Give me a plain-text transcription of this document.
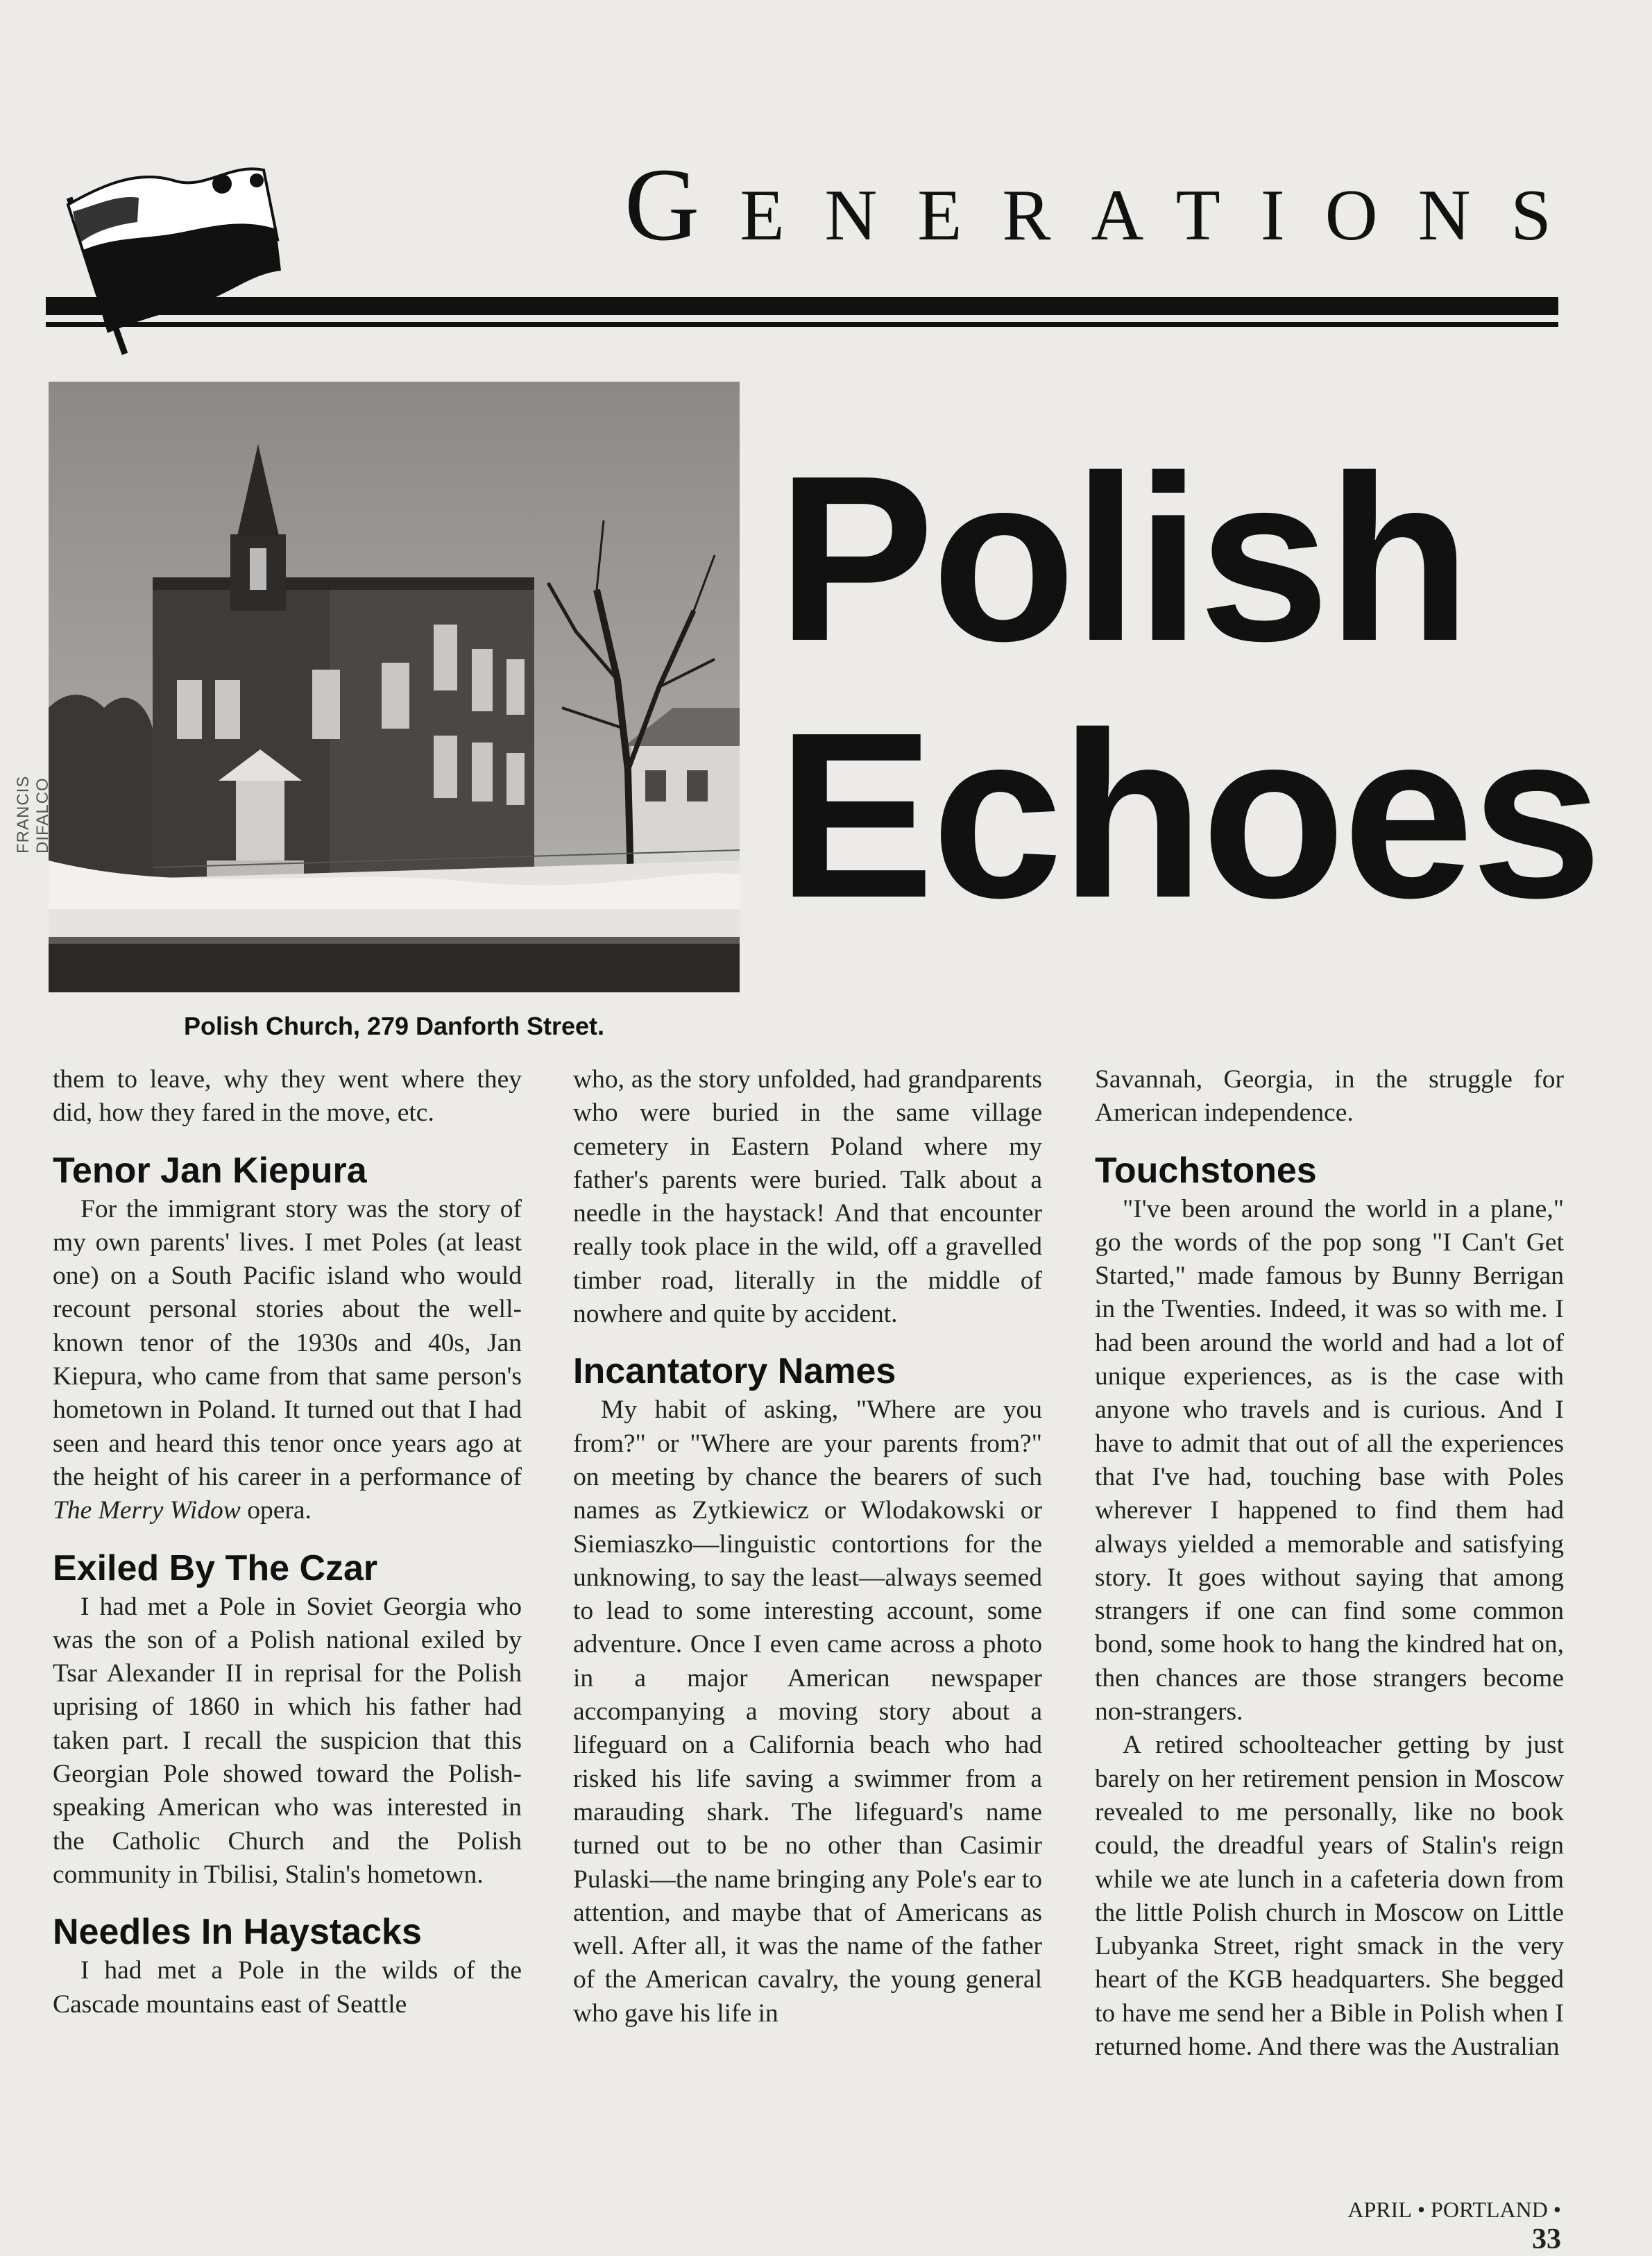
Generations
FRANCIS DIFALCO
Polish Church, 279 Danforth Street.
Polish
Echoes

them to leave, why they went where they did, how they fared in the move, etc.

Tenor Jan Kiepura

For the immigrant story was the story of my own parents' lives. I met Poles (at least one) on a South Pacific island who would recount personal stories about the well-known tenor of the 1930s and 40s, Jan Kiepura, who came from that same person's hometown in Poland. It turned out that I had seen and heard this tenor once years ago at the height of his career in a performance of The Merry Widow opera.

Exiled By The Czar

I had met a Pole in Soviet Georgia who was the son of a Polish national exiled by Tsar Alexander II in reprisal for the Polish uprising of 1860 in which his father had taken part. I recall the suspicion that this Georgian Pole showed toward the Polish-speaking American who was interested in the Catholic Church and the Polish community in Tbilisi, Stalin's hometown.

Needles In Haystacks

I had met a Pole in the wilds of the Cascade mountains east of Seattle

who, as the story unfolded, had grandparents who were buried in the same village cemetery in Eastern Poland where my father's parents were buried. Talk about a needle in the haystack! And that encounter really took place in the wild, off a gravelled timber road, literally in the middle of nowhere and quite by accident.

Incantatory Names

My habit of asking, "Where are you from?" or "Where are your parents from?" on meeting by chance the bearers of such names as Zytkiewicz or Wlodakowski or Siemiaszko—linguistic contortions for the unknowing, to say the least—always seemed to lead to some interesting account, some adventure. Once I even came across a photo in a major American newspaper accompanying a moving story about a lifeguard on a California beach who had risked his life saving a swimmer from a marauding shark. The lifeguard's name turned out to be no other than Casimir Pulaski—the name bringing any Pole's ear to attention, and maybe that of Americans as well. After all, it was the name of the father of the American cavalry, the young general who gave his life in

Savannah, Georgia, in the struggle for American independence.

Touchstones

"I've been around the world in a plane," go the words of the pop song "I Can't Get Started," made famous by Bunny Berrigan in the Twenties. Indeed, it was so with me. I had been around the world and had a lot of unique experiences, as is the case with anyone who travels and is curious. And I have to admit that out of all the experiences that I've had, touching base with Poles wherever I happened to find them had always yielded a memorable and satisfying story. It goes without saying that among strangers if one can find some common bond, some hook to hang the kindred hat on, then chances are those strangers become non-strangers.

A retired schoolteacher getting by just barely on her retirement pension in Moscow revealed to me personally, like no book could, the dreadful years of Stalin's reign while we ate lunch in a cafeteria down from the little Polish church in Moscow on Little Lubyanka Street, right smack in the very heart of the KGB headquarters. She begged to have me send her a Bible in Polish when I returned home. And there was the Australian

APRIL • PORTLAND • 33
